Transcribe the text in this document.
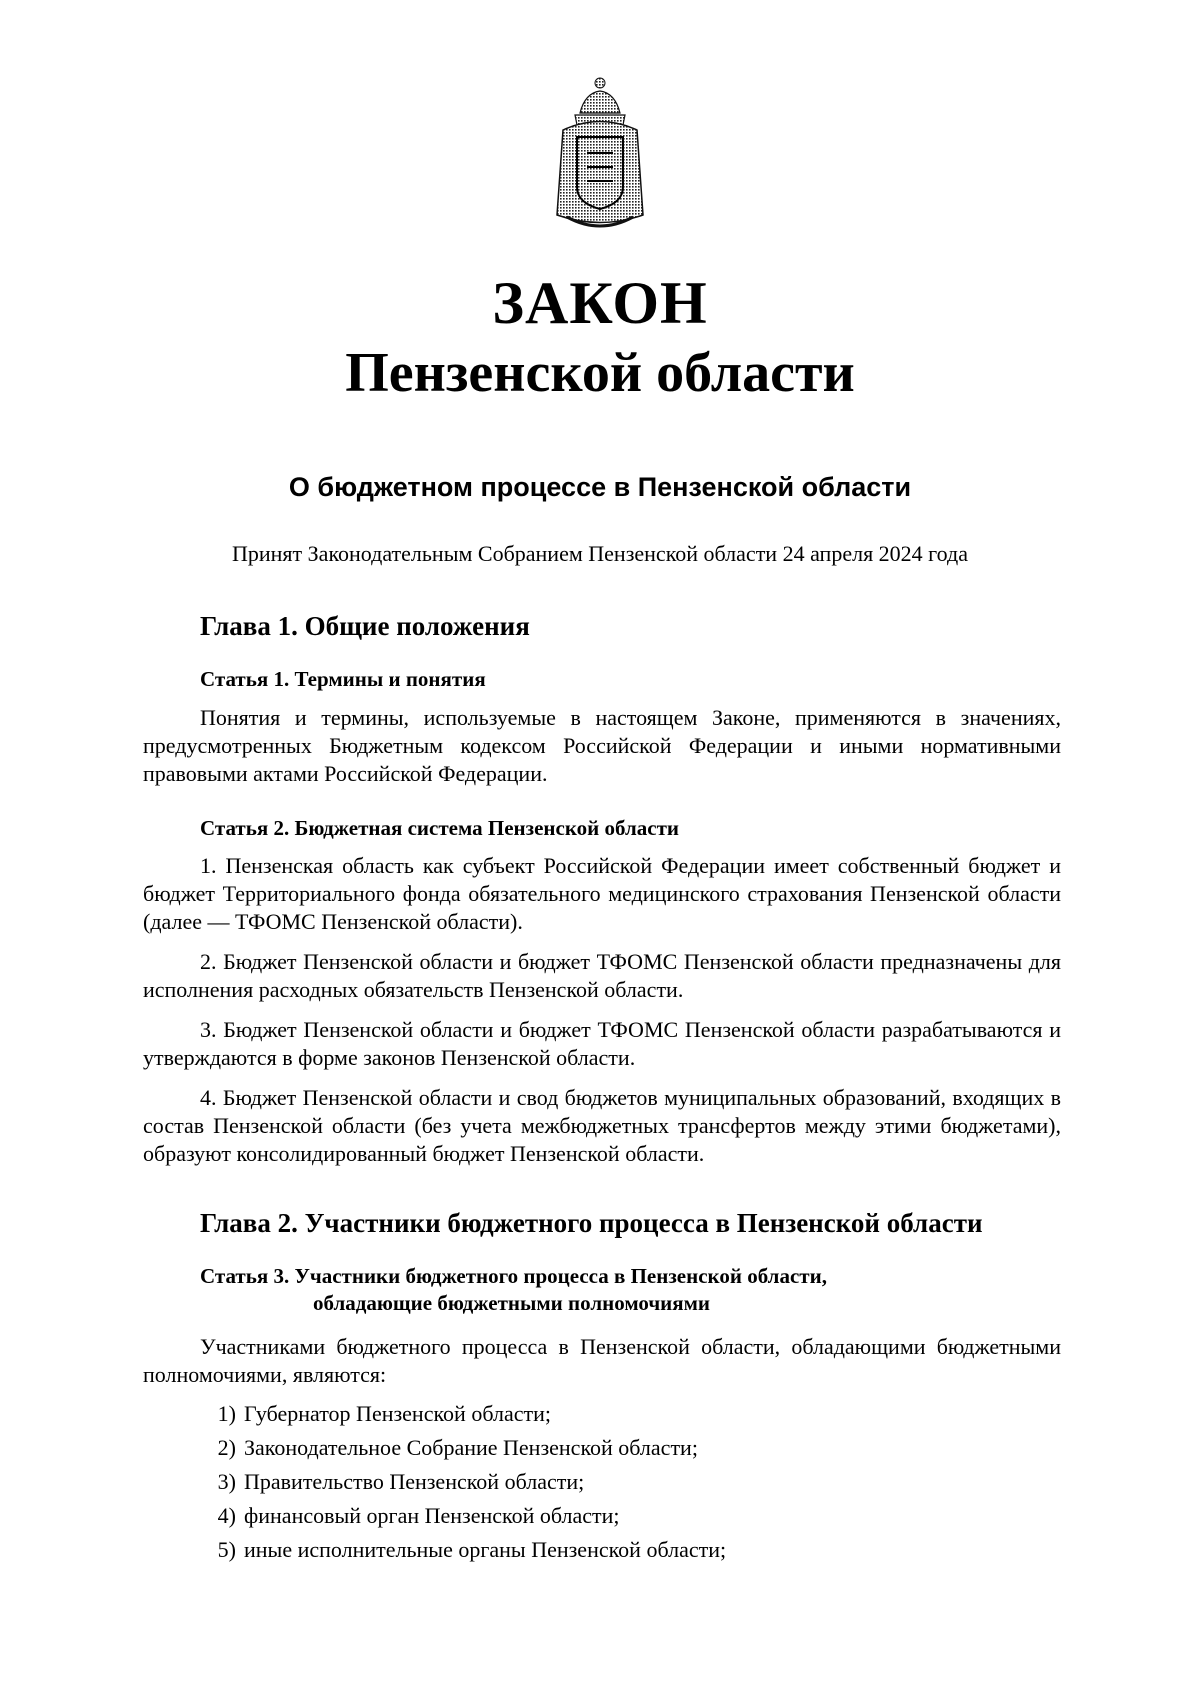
ЗАКОН
Пензенской области
О бюджетном процессе в Пензенской области
Принят Законодательным Собранием Пензенской области 24 апреля 2024 года
Глава 1. Общие положения
Статья 1. Термины и понятия
Понятия и термины, используемые в настоящем Законе, применяются в значениях, предусмотренных Бюджетным кодексом Российской Федерации и иными нормативными правовыми актами Российской Федерации.
Статья 2. Бюджетная система Пензенской области
1. Пензенская область как субъект Российской Федерации имеет собственный бюджет и бюджет Территориального фонда обязательного медицинского страхования Пензенской области (далее — ТФОМС Пензенской области).
2. Бюджет Пензенской области и бюджет ТФОМС Пензенской области предназначены для исполнения расходных обязательств Пензенской области.
3. Бюджет Пензенской области и бюджет ТФОМС Пензенской области разрабатываются и утверждаются в форме законов Пензенской области.
4. Бюджет Пензенской области и свод бюджетов муниципальных образований, входящих в состав Пензенской области (без учета межбюджетных трансфертов между этими бюджетами), образуют консолидированный бюджет Пензенской области.
Глава 2. Участники бюджетного процесса в Пензенской области
Статья 3. Участники бюджетного процесса в Пензенской области,
обладающие бюджетными полномочиями
Участниками бюджетного процесса в Пензенской области, обладающими бюджетными полномочиями, являются:
1) Губернатор Пензенской области;
2) Законодательное Собрание Пензенской области;
3) Правительство Пензенской области;
4) финансовый орган Пензенской области;
5) иные исполнительные органы Пензенской области;
